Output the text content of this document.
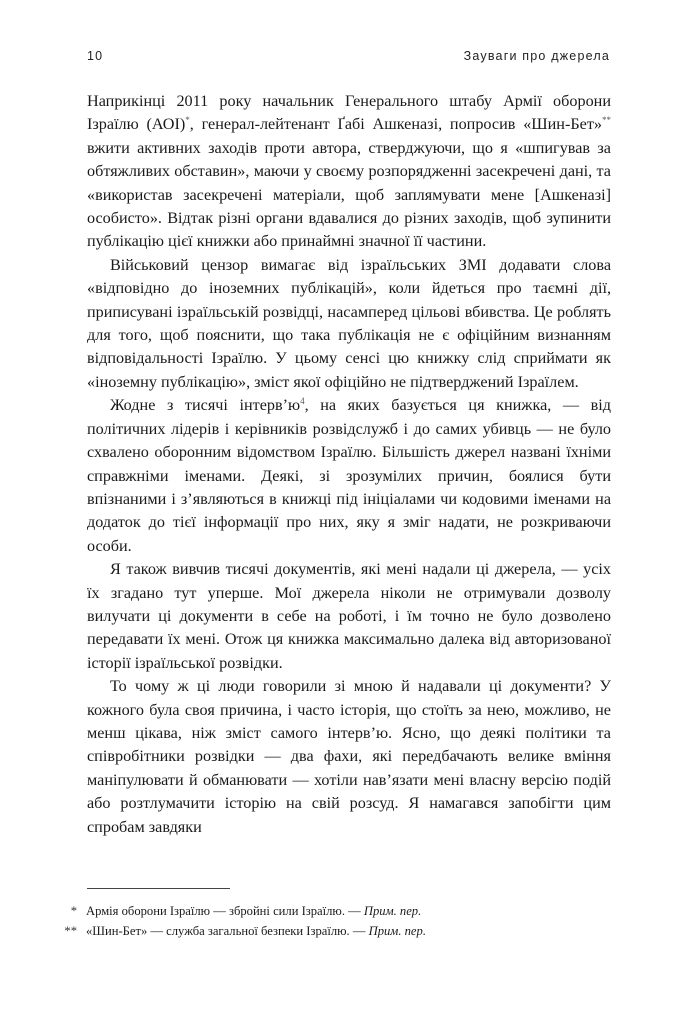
10	Зауваги про джерела

Наприкінці 2011 року начальник Генерального штабу Армії оборони Ізраїлю (АОІ)*, генерал-лейтенант Ґабі Ашкеназі, попросив «Шин-Бет»** вжити активних заходів проти автора, стверджуючи, що я «шпигував за обтяжливих обставин», маючи у своєму розпорядженні засекречені дані, та «використав засекречені матеріали, щоб заплямувати мене [Ашкеназі] особисто». Відтак різні органи вдавалися до різних заходів, щоб зупинити публікацію цієї книжки або принаймні значної її частини.

Військовий цензор вимагає від ізраїльських ЗМІ додавати слова «відповідно до іноземних публікацій», коли йдеться про таємні дії, приписувані ізраїльській розвідці, насамперед цільові вбивства. Це роблять для того, щоб пояснити, що така публікація не є офіційним визнанням відповідальності Ізраїлю. У цьому сенсі цю книжку слід сприймати як «іноземну публікацію», зміст якої офіційно не підтверджений Ізраїлем.

Жодне з тисячі $інтерв’ю^4$, на яких базується ця книжка, — від політичних лідерів і керівників розвідслужб і до самих убивць — не було схвалено оборонним відомством Ізраїлю. Більшість джерел названі їхніми справжніми іменами. Деякі, зі зрозумілих причин, боялися бути впізнаними і з’являються в книжці під ініціалами чи кодовими іменами на додаток до тієї інформації про них, яку я зміг надати, не розкриваючи особи.

Я також вивчив тисячі документів, які мені надали ці джерела, — усіх їх згадано тут уперше. Мої джерела ніколи не отримували дозволу вилучати ці документи в себе на роботі, і їм точно не було дозволено передавати їх мені. Отож ця книжка максимально далека від авторизованої історії ізраїльської розвідки.

То чому ж ці люди говорили зі мною й надавали ці документи? У кожного була своя причина, і часто історія, що стоїть за нею, можливо, не менш цікава, ніж зміст самого інтерв’ю. Ясно, що деякі політики та співробітники розвідки — два фахи, які передбачають велике вміння маніпулювати й обманювати — хотіли нав’язати мені власну версію подій або розтлумачити історію на свій розсуд. Я намагався запобігти цим спробам завдяки

* Армія оборони Ізраїлю — збройні сили Ізраїлю. — Прим. пер.
** «Шин-Бет» — служба загальної безпеки Ізраїлю. — Прим. пер.
